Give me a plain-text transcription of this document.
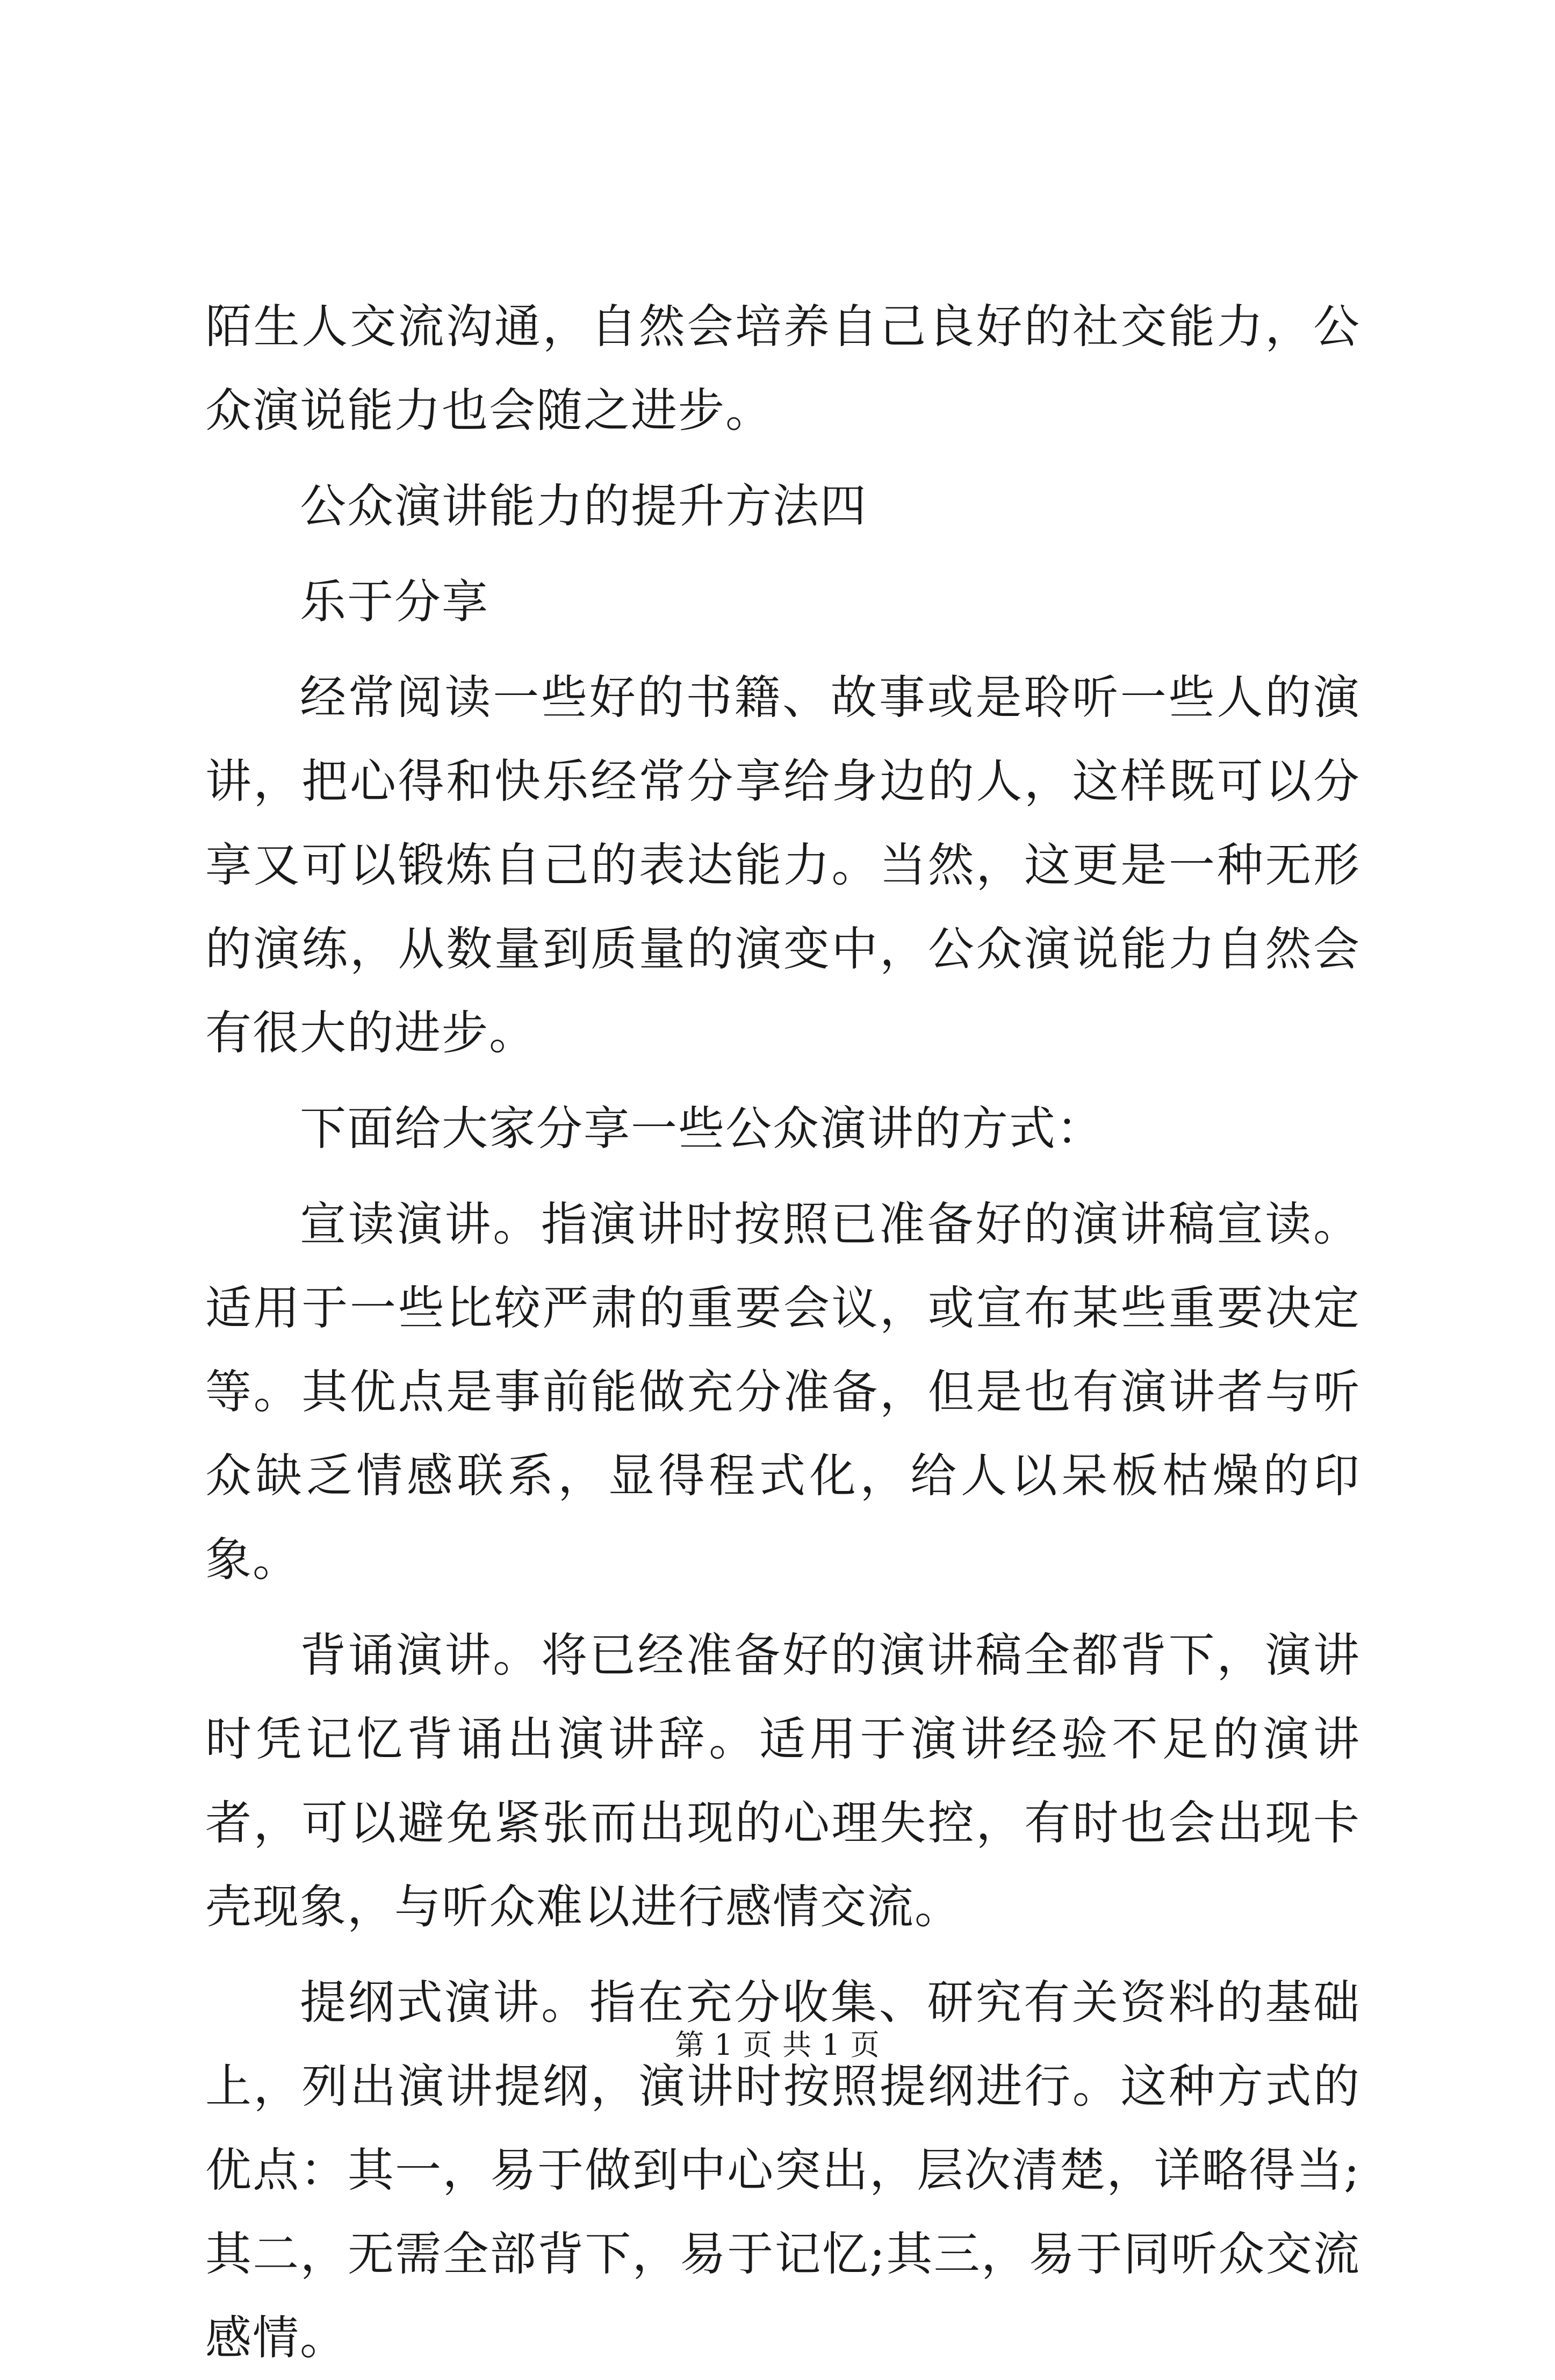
陌生人交流沟通，自然会培养自己良好的社交能力，公众演说能力也会随之进步。

公众演讲能力的提升方法四

乐于分享

经常阅读一些好的书籍、故事或是聆听一些人的演讲，把心得和快乐经常分享给身边的人，这样既可以分享又可以锻炼自己的表达能力。当然，这更是一种无形的演练，从数量到质量的演变中，公众演说能力自然会有很大的进步。

下面给大家分享一些公众演讲的方式：

宣读演讲。指演讲时按照已准备好的演讲稿宣读。适用于一些比较严肃的重要会议，或宣布某些重要决定等。其优点是事前能做充分准备，但是也有演讲者与听众缺乏情感联系，显得程式化，给人以呆板枯燥的印象。

背诵演讲。将已经准备好的演讲稿全都背下，演讲时凭记忆背诵出演讲辞。适用于演讲经验不足的演讲者，可以避免紧张而出现的心理失控，有时也会出现卡壳现象，与听众难以进行感情交流。

提纲式演讲。指在充分收集、研究有关资料的基础上，列出演讲提纲，演讲时按照提纲进行。这种方式的优点：其一，易于做到中心突出，层次清楚，详略得当;其二，无需全部背下，易于记忆;其三，易于同听众交流感情。

第 1 页 共 1 页
